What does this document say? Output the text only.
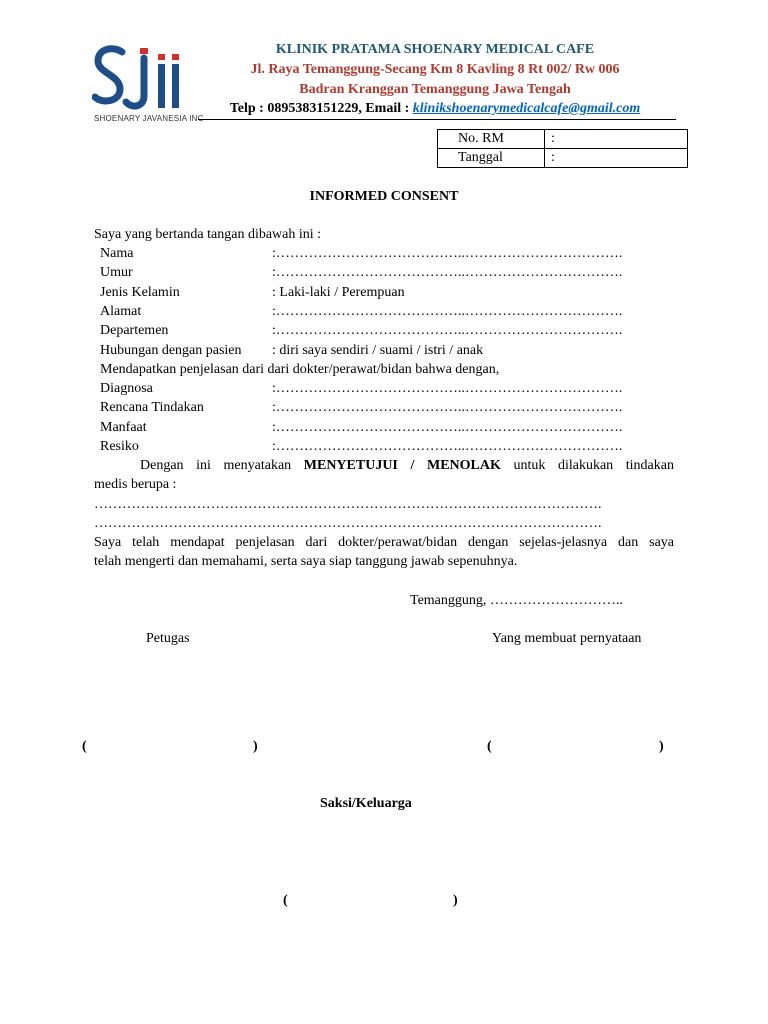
SHOENARY JAVANESIA INC
KLINIK PRATAMA SHOENARY MEDICAL CAFE
Jl. Raya Temanggung-Secang Km 8 Kavling 8 Rt 002/ Rw 006
Badran Kranggan Temanggung Jawa Tengah
Telp : 0895383151229, Email : klinikshoenarymedicalcafe@gmail.com
No. RM	:
Tanggal	:
INFORMED CONSENT
Saya yang bertanda tangan dibawah ini :
Nama	:…………………………………..…………………………….
Umur	:…………………………………..…………………………….
Jenis Kelamin	: Laki-laki / Perempuan
Alamat	:…………………………………..…………………………….
Departemen	:…………………………………..…………………………….
Hubungan dengan pasien : diri saya sendiri / suami / istri / anak
Mendapatkan penjelasan dari dari dokter/perawat/bidan bahwa dengan,
Diagnosa	:…………………………………..…………………………….
Rencana Tindakan	:…………………………………..…………………………….
Manfaat	:…………………………………..…………………………….
Resiko	:…………………………………..…………………………….
Dengan ini menyatakan MENYETUJUI / MENOLAK untuk dilakukan tindakan
medis berupa :
……………………………………………………………………………………………….
……………………………………………………………………………………………….
Saya telah mendapat penjelasan dari dokter/perawat/bidan dengan sejelas-jelasnya dan saya
telah mengerti dan memahami, serta saya siap tanggung jawab sepenuhnya.
Temanggung, ………………………..
Petugas	Yang membuat pernyataan
(	)	(	)
Saksi/Keluarga
(	)
